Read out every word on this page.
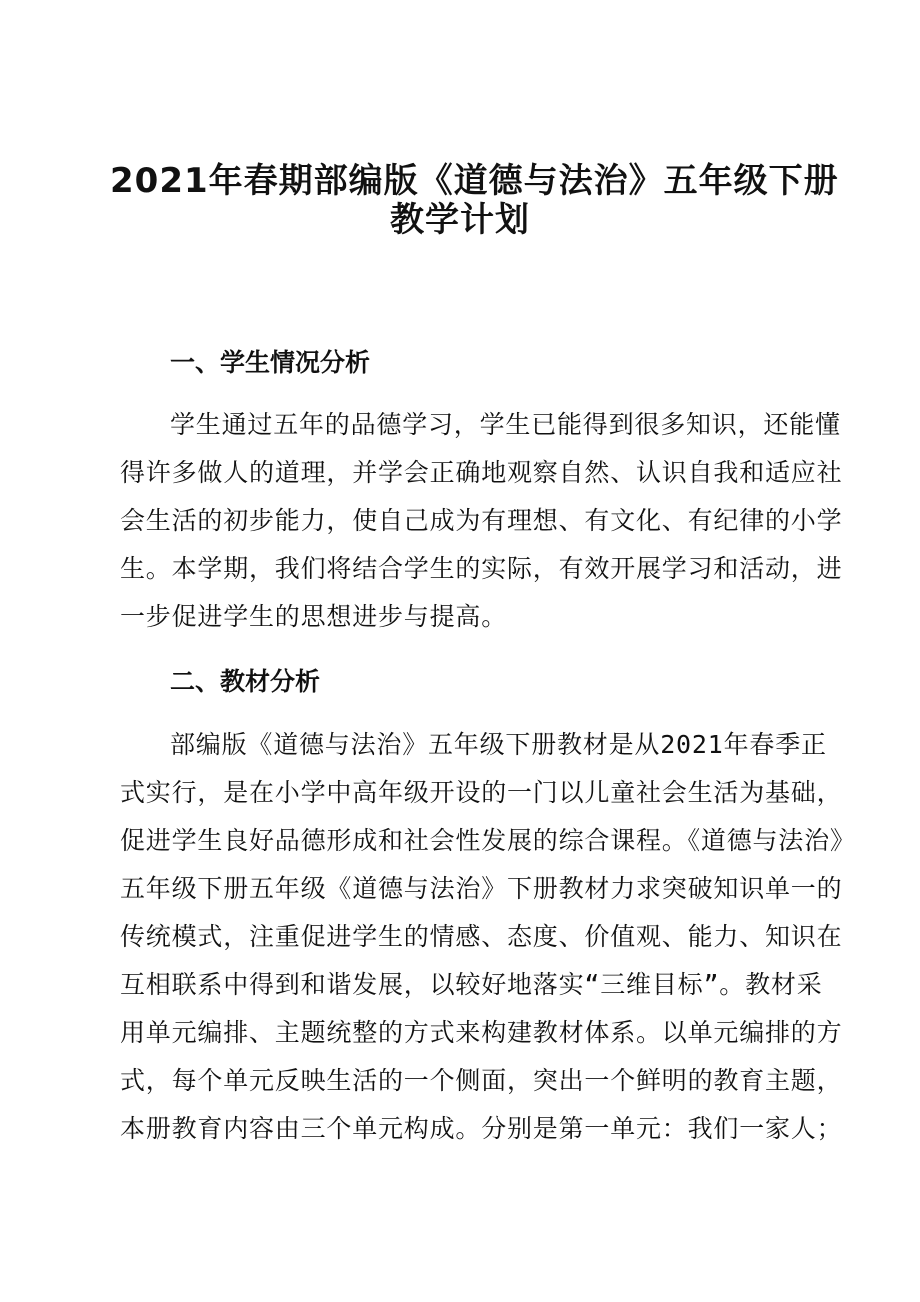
2021年春期部编版《道德与法治》五年级下册
教学计划
一、学生情况分析
学生通过五年的品德学习，学生已能得到很多知识，还能懂
得许多做人的道理，并学会正确地观察自然、认识自我和适应社
会生活的初步能力，使自己成为有理想、有文化、有纪律的小学
生。本学期，我们将结合学生的实际，有效开展学习和活动，进
一步促进学生的思想进步与提高。
二、教材分析
部编版《道德与法治》五年级下册教材是从2021年春季正
式实行，是在小学中高年级开设的一门以儿童社会生活为基础，
促进学生良好品德形成和社会性发展的综合课程。《道德与法治》
五年级下册五年级《道德与法治》下册教材力求突破知识单一的
传统模式，注重促进学生的情感、态度、价值观、能力、知识在
互相联系中得到和谐发展，以较好地落实“三维目标”。教材采
用单元编排、主题统整的方式来构建教材体系。以单元编排的方
式，每个单元反映生活的一个侧面，突出一个鲜明的教育主题，
本册教育内容由三个单元构成。分别是第一单元：我们一家人；
